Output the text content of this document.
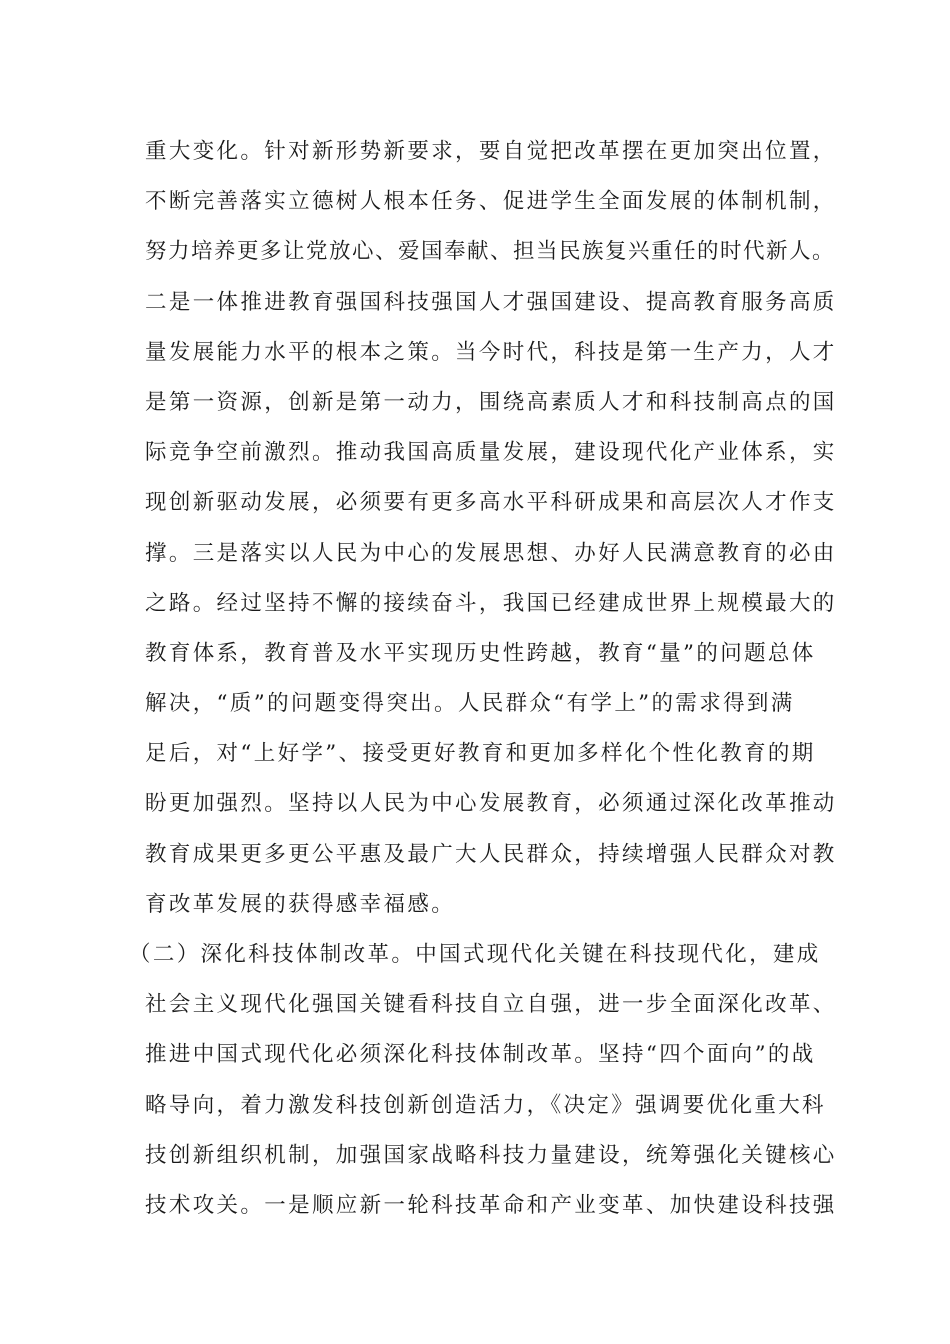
重大变化。针对新形势新要求，要自觉把改革摆在更加突出位置，
不断完善落实立德树人根本任务、促进学生全面发展的体制机制，
努力培养更多让党放心、爱国奉献、担当民族复兴重任的时代新人。
二是一体推进教育强国科技强国人才强国建设、提高教育服务高质
量发展能力水平的根本之策。当今时代，科技是第一生产力，人才
是第一资源，创新是第一动力，围绕高素质人才和科技制高点的国
际竞争空前激烈。推动我国高质量发展，建设现代化产业体系，实
现创新驱动发展，必须要有更多高水平科研成果和高层次人才作支
撑。三是落实以人民为中心的发展思想、办好人民满意教育的必由
之路。经过坚持不懈的接续奋斗，我国已经建成世界上规模最大的
教育体系，教育普及水平实现历史性跨越，教育“量”的问题总体
解决，“质”的问题变得突出。人民群众“有学上”的需求得到满
足后，对“上好学”、接受更好教育和更加多样化个性化教育的期
盼更加强烈。坚持以人民为中心发展教育，必须通过深化改革推动
教育成果更多更公平惠及最广大人民群众，持续增强人民群众对教
育改革发展的获得感幸福感。
（二）深化科技体制改革。中国式现代化关键在科技现代化，建成
社会主义现代化强国关键看科技自立自强，进一步全面深化改革、
推进中国式现代化必须深化科技体制改革。坚持“四个面向”的战
略导向，着力激发科技创新创造活力，《决定》强调要优化重大科
技创新组织机制，加强国家战略科技力量建设，统筹强化关键核心
技术攻关。一是顺应新一轮科技革命和产业变革、加快建设科技强
